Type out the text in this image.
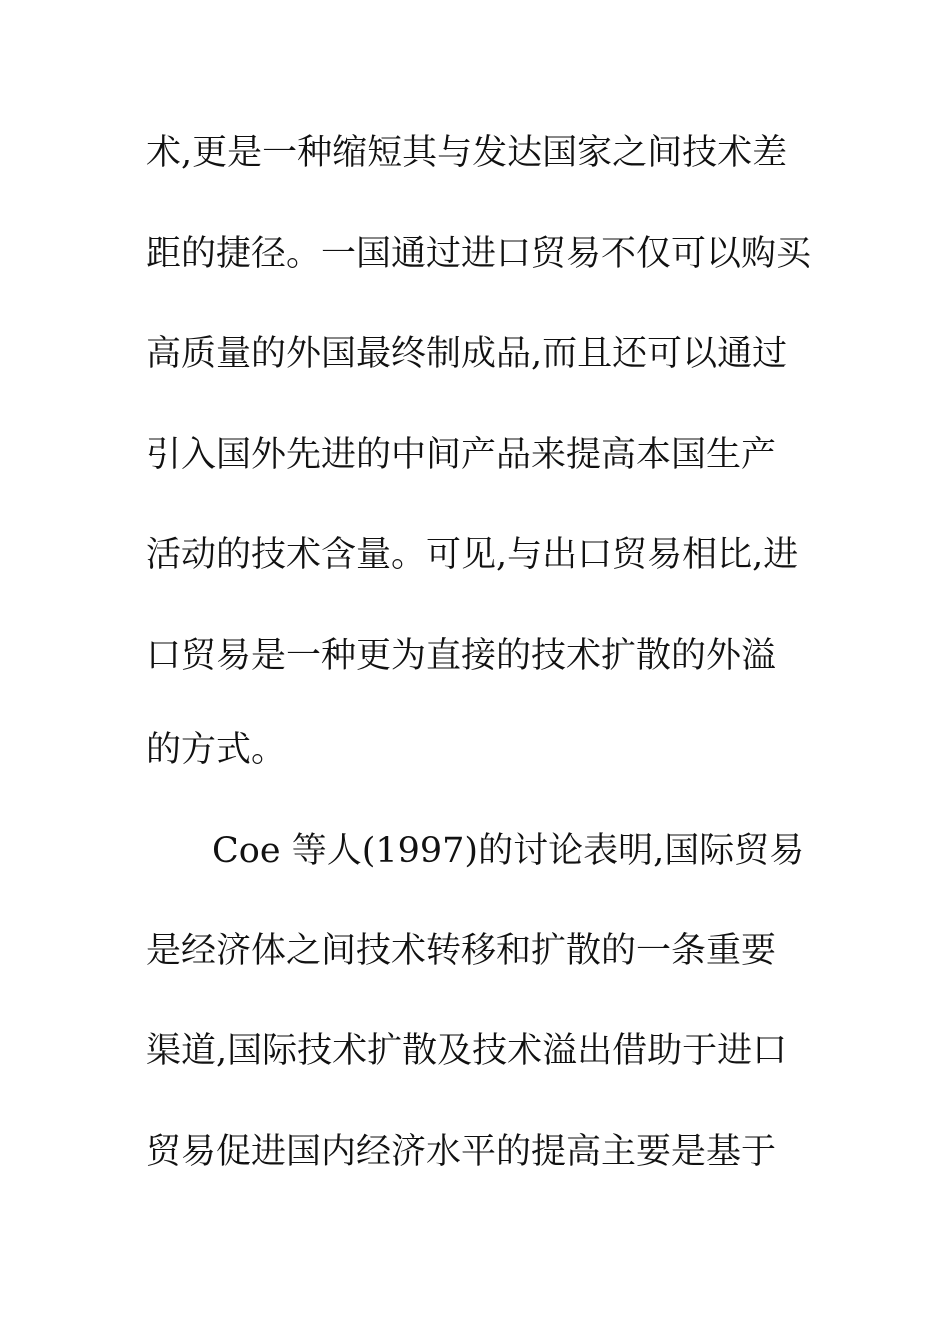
术,更是一种缩短其与发达国家之间技术差
距的捷径。一国通过进口贸易不仅可以购买
高质量的外国最终制成品,而且还可以通过
引入国外先进的中间产品来提高本国生产
活动的技术含量。可见,与出口贸易相比,进
口贸易是一种更为直接的技术扩散的外溢
的方式。
Coe 等人(1997)的讨论表明,国际贸易
是经济体之间技术转移和扩散的一条重要
渠道,国际技术扩散及技术溢出借助于进口
贸易促进国内经济水平的提高主要是基于
